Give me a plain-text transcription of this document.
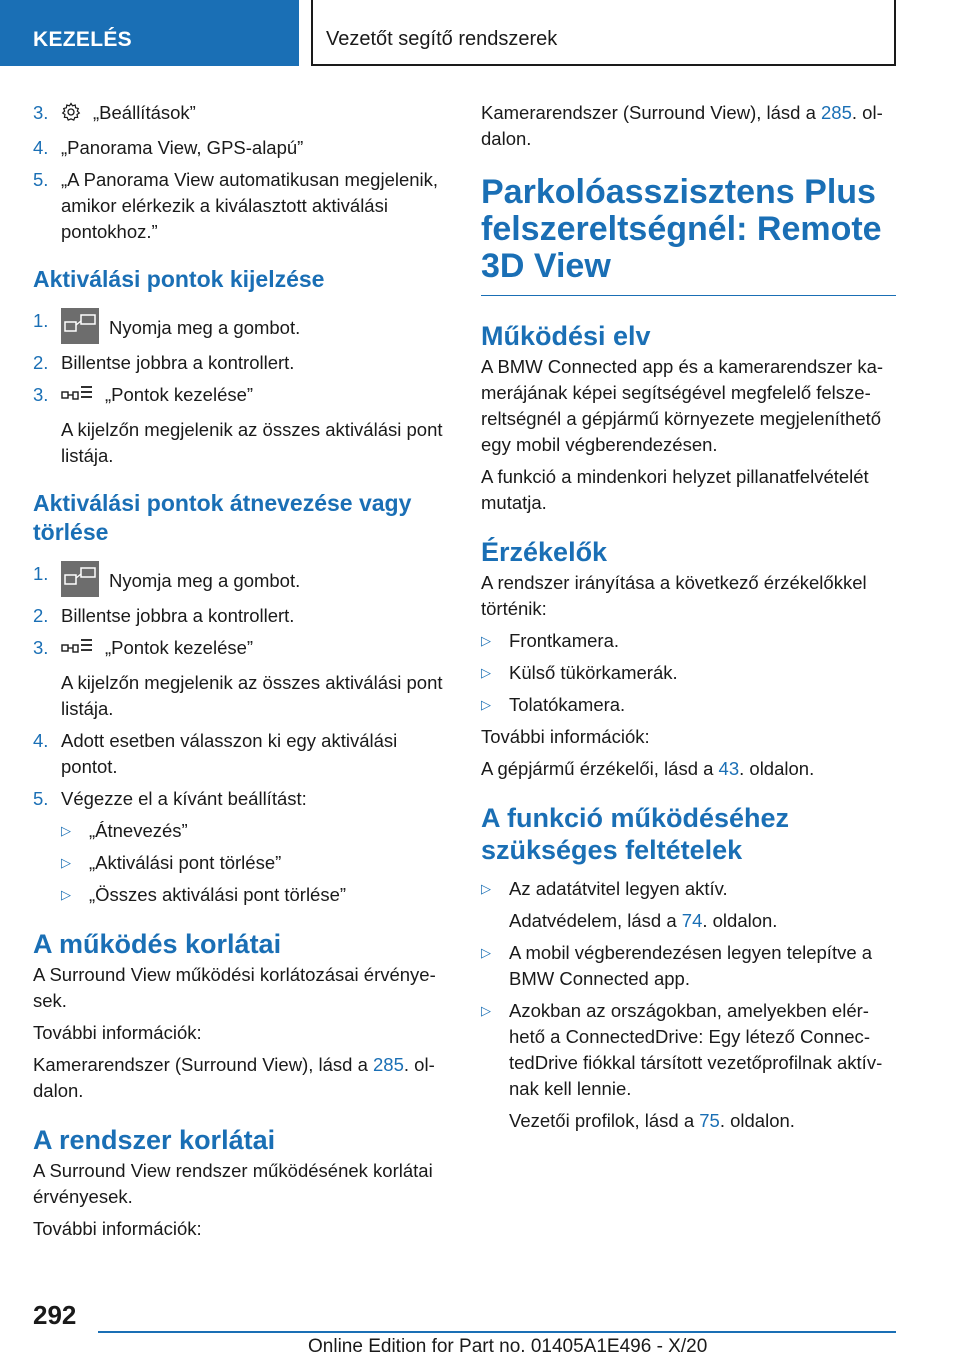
KEZELÉS	Vezetőt segítő rendszerek
3. „Beállítások”
4. „Panorama View, GPS-alapú”
5. „A Panorama View automatikusan megjelenik, amikor elérkezik a kiválasztott aktiválási pontokhoz.”
Aktiválási pontok kijelzése
1.	Nyomja meg a gombot.
2. Billentse jobbra a kontrollert.
3.	„Pontok kezelése”
A kijelzőn megjelenik az összes aktiválási pont listája.
Aktiválási pontok átnevezése vagy törlése
1.	Nyomja meg a gombot.
2. Billentse jobbra a kontrollert.
3.	„Pontok kezelése”
A kijelzőn megjelenik az összes aktiválási pont listája.
4. Adott esetben válasszon ki egy aktiválási pontot.
5. Végezze el a kívánt beállítást:
▷ „Átnevezés”
▷ „Aktiválási pont törlése”
▷ „Összes aktiválási pont törlése”
A működés korlátai

A Surround View működési korlátozásai érvényesek.

További információk:

Kamerarendszer (Surround View), lásd a 285. oldalon.

A rendszer korlátai

A Surround View rendszer működésének korlátai érvényesek.

További információk:

Kamerarendszer (Surround View), lásd a 285. oldalon.

Parkolóasszisztens Plus felszereltségnél: Remote 3D View
Működési elv

A BMW Connected app és a kamerarendszer kamerájának képei segítségével megfelelő felszereltségnél a gépjármű környezete megjeleníthető egy mobil végberendezésen.

A funkció a mindenkori helyzet pillanatfelvételét mutatja.

Érzékelők

A rendszer irányítása a következő érzékelőkkel történik:

▷ Frontkamera.
▷ Külső tükörkamerák.
▷ Tolatókamera.

További információk:

A gépjármű érzékelői, lásd a 43. oldalon.

A funkció működéséhez szükséges feltételek
▷ Az adatátvitel legyen aktív.
Adatvédelem, lásd a 74. oldalon.
▷ A mobil végberendezésen legyen telepítve a BMW Connected app.
▷ Azokban az országokban, amelyekben elérhető a ConnectedDrive: Egy létező ConnectedDrive fiókkal társított vezetőprofilnak aktívnak kell lennie.
Vezetői profilok, lásd a 75. oldalon.
292
Online Edition for Part no. 01405A1E496 - X/20
